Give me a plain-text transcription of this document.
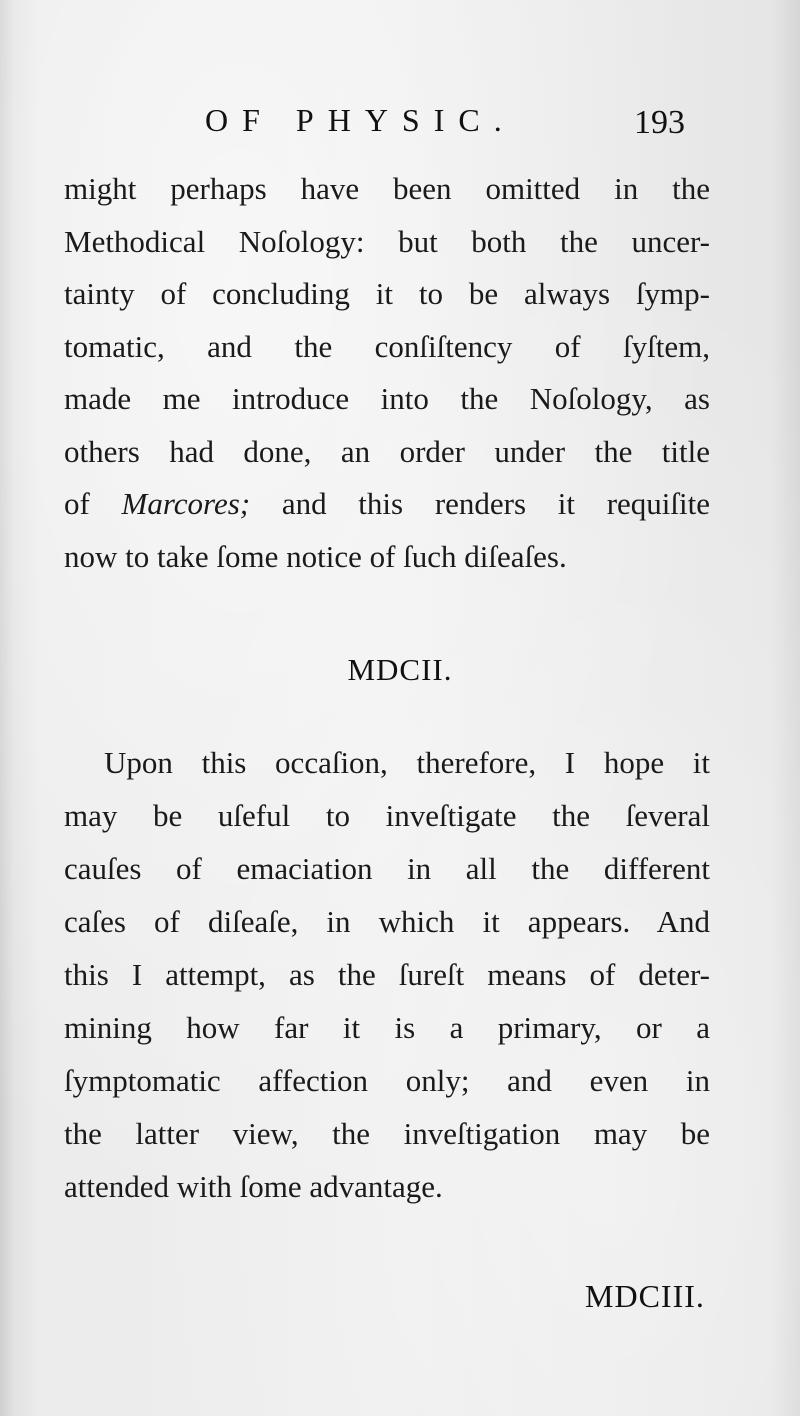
OF PHYSIC.	193
might perhaps have been omitted in the
Methodical Noſology: but both the uncer-
tainty of concluding it to be always ſymp-
tomatic, and the conſiſtency of ſyſtem,
made me introduce into the Noſology, as
others had done, an order under the title
of Marcores; and this renders it requiſite
now to take ſome notice of ſuch diſeaſes.
MDCII.
Upon this occaſion, therefore, I hope it
may be uſeful to inveſtigate the ſeveral
cauſes of emaciation in all the different
caſes of diſeaſe, in which it appears. And
this I attempt, as the ſureſt means of deter-
mining how far it is a primary, or a
ſymptomatic affection only; and even in
the latter view, the inveſtigation may be
attended with ſome advantage.
MDCIII.
